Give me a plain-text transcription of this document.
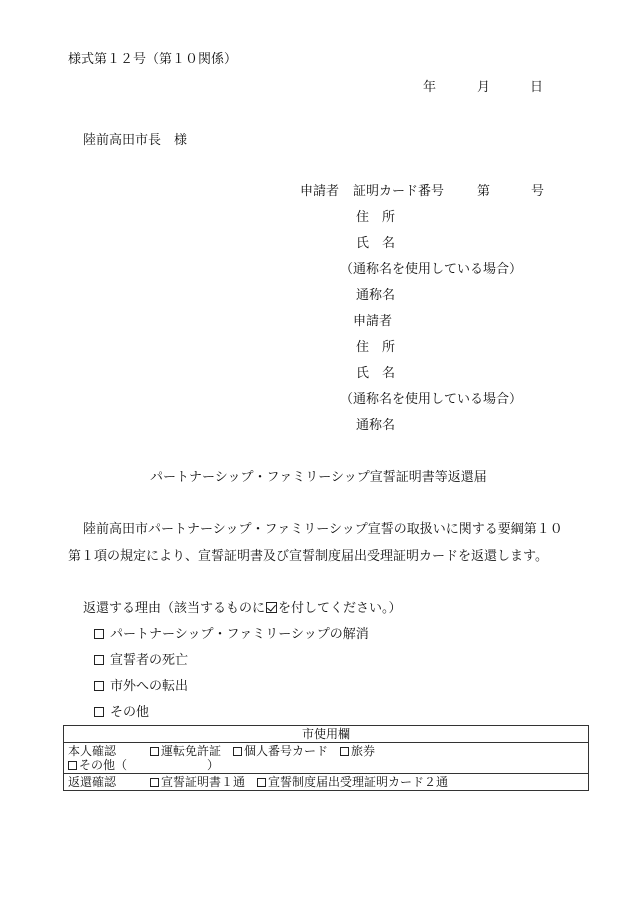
様式第１２号（第１０関係）
年	月	日
陸前高田市長　様
申請者 証明カード番号	第	号
住　所
氏　名
（通称名を使用している場合）
通称名
申請者
住　所
氏　名
（通称名を使用している場合）
通称名
パートナーシップ・ファミリーシップ宣誓証明書等返還届
陸前高田市パートナーシップ・ファミリーシップ宣誓の取扱いに関する要綱第１０
第１項の規定により、宣誓証明書及び宣誓制度届出受理証明カードを返還します。
返還する理由（該当するものに を付してください。）
パートナーシップ・ファミリーシップの解消
宣誓者の死亡
市外への転出
その他
市使用欄
本人確認	運転免許証 個人番号カード 旅券
その他（	）
返還確認	宣誓証明書１通 宣誓制度届出受理証明カード２通
